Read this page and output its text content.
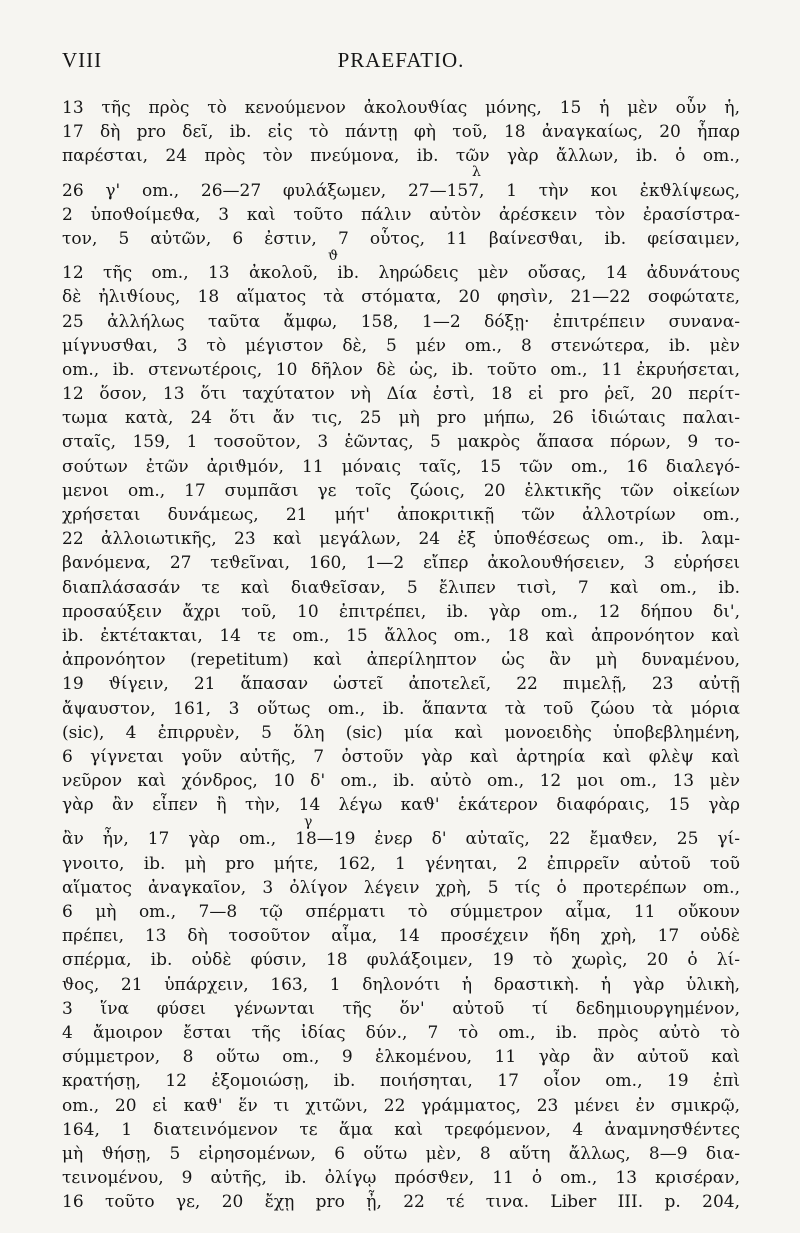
VIII	PRAEFATIO.
13 τῆς πρὸς τὸ κενούμενον ἀκολουϑίας μόνης, 15 ἡ μὲν οὖν ἡ,
17 δὴ pro δεῖ, ib. εἰς τὸ πάντῃ φὴ τοῦ, 18 ἀναγκαίως, 20 ἧπαρ
παρέσται, 24 πρὸς τὸν πνεύμονα, ib. τῶν γὰρ ἄλλων, ib. ὁ om.,
λ
26 γ' om., 26—27 φυλάξωμεν, 27—157, 1 τὴν κοι ἐκϑλίψεως,
2 ὑποϑοίμεϑα, 3 καὶ τοῦτο πάλιν αὐτὸν ἀρέσκειν τὸν ἐρασίστρα-
τον, 5 αὐτῶν, 6 ἐστιν, 7 οὗτος, 11 βαίνεσϑαι, ib. φείσαιμεν,
ϑ
12 τῆς om., 13 ἀκολοῦ, ib. ληρώδεις μὲν οὔσας, 14 ἀδυνάτους
δὲ ἠλιϑίους, 18 αἵματος τὰ στόματα, 20 φησὶν, 21—22 σοφώτατε,
25 ἀλλήλως ταῦτα ἄμφω, 158, 1—2 δόξῃ· ἐπιτρέπειν συνανα-
μίγνυσϑαι, 3 τὸ μέγιστον δὲ, 5 μέν om., 8 στενώτερα, ib. μὲν
om., ib. στενωτέροις, 10 δῆλον δὲ ὡς, ib. τοῦτο om., 11 ἐκρυήσεται,
12 ὅσον, 13 ὅτι ταχύτατον νὴ Δία ἐστὶ, 18 εἰ pro ῥεῖ, 20 περίτ-
τωμα κατὰ, 24 ὅτι ἄν τις, 25 μὴ pro μήπω, 26 ἰδιώταις παλαι-
σταῖς, 159, 1 τοσοῦτον, 3 ἑῶντας, 5 μακρὸς ἅπασα πόρων, 9 το-
σούτων ἐτῶν ἀριϑμόν, 11 μόναις ταῖς, 15 τῶν om., 16 διαλεγό-
μενοι om., 17 συμπᾶσι γε τοῖς ζώοις, 20 ἑλκτικῆς τῶν οἰκείων
χρήσεται δυνάμεως, 21 μήτ' ἀποκριτικῇ τῶν ἀλλοτρίων om.,
22 ἀλλοιωτικῆς, 23 καὶ μεγάλων, 24 ἐξ ὑποϑέσεως om., ib. λαμ-
βανόμενα, 27 τεϑεῖναι, 160, 1—2 εἴπερ ἀκολουϑήσειεν, 3 εὑρήσει
διαπλάσασάν τε καὶ διαϑεῖσαν, 5 ἔλιπεν τισὶ, 7 καὶ om., ib.
προσαύξειν ἄχρι τοῦ, 10 ἐπιτρέπει, ib. γὰρ om., 12 δήπου δι',
ib. ἐκτέτακται, 14 τε om., 15 ἄλλος om., 18 καὶ ἀπρονόητον καὶ
ἀπρονόητον (repetitum) καὶ ἀπερίληπτον ὡς ἂν μὴ δυναμένου,
19 ϑίγειν, 21 ἅπασαν ὡστεῖ ἀποτελεῖ, 22 πιμελῇ, 23 αὐτῇ
ἄψαυστον, 161, 3 οὕτως om., ib. ἅπαντα τὰ τοῦ ζώου τὰ μόρια
(sic), 4 ἐπιρρυὲν, 5 ὅλη (sic) μία καὶ μονοειδὴς ὑποβεβλημένη,
6 γίγνεται γοῦν αὐτῆς, 7 ὀστοῦν γὰρ καὶ ἀρτηρία καὶ φλὲψ καὶ
νεῦρον καὶ χόνδρος, 10 δ' om., ib. αὐτὸ om., 12 μοι om., 13 μὲν
γὰρ ἂν εἶπεν ἢ τὴν, 14 λέγω καϑ' ἑκάτερον διαφόραις, 15 γὰρ
γ
ἂν ἦν, 17 γὰρ om., 18—19 ἐνερ δ' αὐταῖς, 22 ἔμαϑεν, 25 γί-
γνοιτο, ib. μὴ pro μήτε, 162, 1 γένηται, 2 ἐπιρρεῖν αὐτοῦ τοῦ
αἵματος ἀναγκαῖον, 3 ὀλίγον λέγειν χρὴ, 5 τίς ὁ προτερέπων om.,
6 μὴ om., 7—8 τῷ σπέρματι τὸ σύμμετρον αἷμα, 11 οὔκουν
πρέπει, 13 δὴ τοσοῦτον αἷμα, 14 προσέχειν ἤδη χρὴ, 17 οὐδὲ
σπέρμα, ib. οὐδὲ φύσιν, 18 φυλάξοιμεν, 19 τὸ χωρὶς, 20 ὁ λί-
ϑος, 21 ὑπάρχειν, 163, 1 δηλονότι ἡ δραστικὴ. ἡ γὰρ ὑλικὴ,
3 ἵνα φύσει γένωνται τῆς ὅν' αὐτοῦ τί δεδημιουργημένον,
4 ἄμοιρον ἔσται τῆς ἰδίας δύν., 7 τὸ om., ib. πρὸς αὐτὸ τὸ
σύμμετρον, 8 οὕτω om., 9 ἑλκομένου, 11 γὰρ ἂν αὐτοῦ καὶ
κρατήσῃ, 12 ἐξομοιώσῃ, ib. ποιήσηται, 17 οἷον om., 19 ἐπὶ
om., 20 εἰ καϑ' ἕν τι χιτῶνι, 22 γράμματος, 23 μένει ἐν σμικρῷ,
164, 1 διατεινόμενον τε ἅμα καὶ τρεφόμενον, 4 ἀναμνησϑέντες
μὴ ϑήσῃ, 5 εἰρησομένων, 6 οὕτω μὲν, 8 αὕτη ἄλλως, 8—9 δια-
τεινομένου, 9 αὐτῆς, ib. ὀλίγῳ πρόσϑεν, 11 ὁ om., 13 κρισέραν,
16 τοῦτο γε, 20 ἔχῃ pro ᾖ, 22 τέ τινα. Liber III. p. 204,
